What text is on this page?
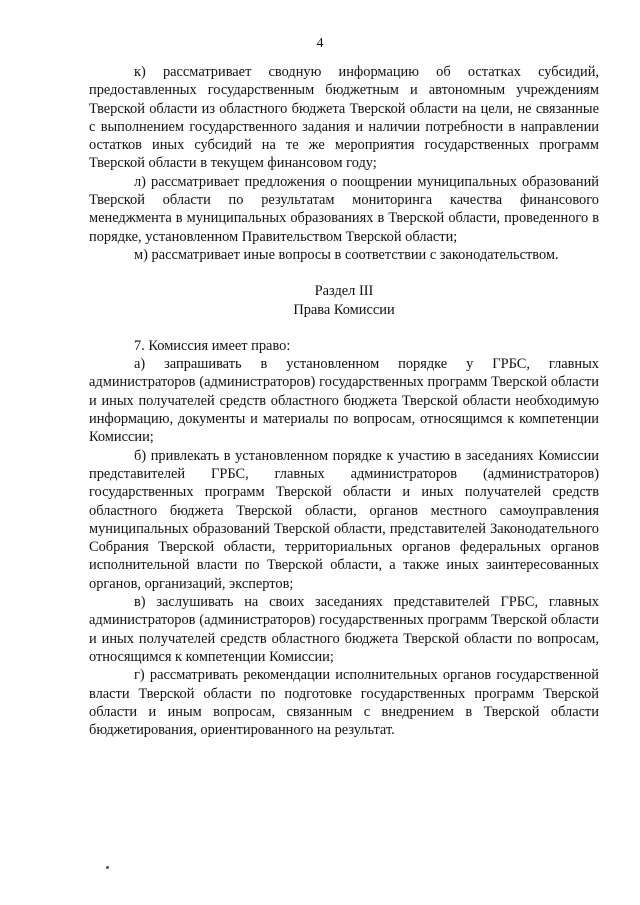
4

к) рассматривает сводную информацию об остатках субсидий, предоставленных государственным бюджетным и автономным учреждениям Тверской области из областного бюджета Тверской области на цели, не связанные с выполнением государственного задания и наличии потребности в направлении остатков иных субсидий на те же мероприятия государственных программ Тверской области в текущем финансовом году;

л) рассматривает предложения о поощрении муниципальных образований Тверской области по результатам мониторинга качества финансового менеджмента в муниципальных образованиях в Тверской области, проведенного в порядке, установленном Правительством Тверской области;

м) рассматривает иные вопросы в соответствии с законодательством.

Раздел III

Права Комиссии

7. Комиссия имеет право:

а) запрашивать в установленном порядке у ГРБС, главных администраторов (администраторов) государственных программ Тверской области и иных получателей средств областного бюджета Тверской области необходимую информацию, документы и материалы по вопросам, относящимся к компетенции Комиссии;

б) привлекать в установленном порядке к участию в заседаниях Комиссии представителей ГРБС, главных администраторов (администраторов) государственных программ Тверской области и иных получателей средств областного бюджета Тверской области, органов местного самоуправления муниципальных образований Тверской области, представителей Законодательного Собрания Тверской области, территориальных органов федеральных органов исполнительной власти по Тверской области, а также иных заинтересованных органов, организаций, экспертов;

в) заслушивать на своих заседаниях представителей ГРБС, главных администраторов (администраторов) государственных программ Тверской области и иных получателей средств областного бюджета Тверской области по вопросам, относящимся к компетенции Комиссии;

г) рассматривать рекомендации исполнительных органов государственной власти Тверской области по подготовке государственных программ Тверской области и иным вопросам, связанным с внедрением в Тверской области бюджетирования, ориентированного на результат.
